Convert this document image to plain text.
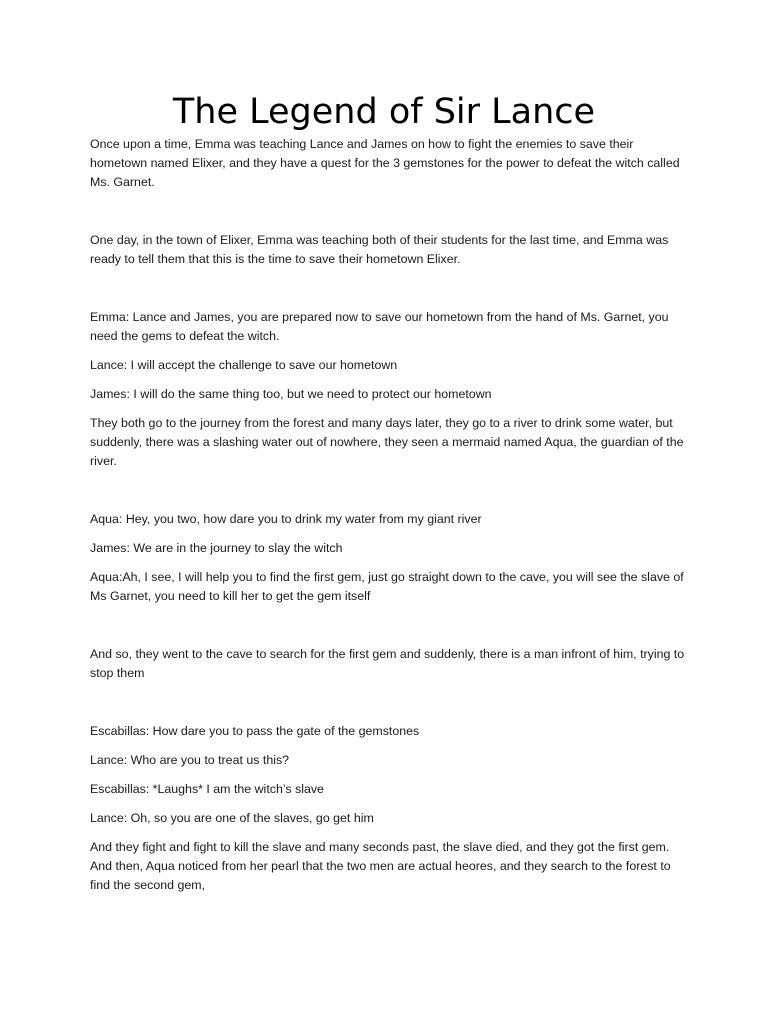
The Legend of Sir Lance

Once upon a time, Emma was teaching Lance and James on how to fight the enemies to save their hometown named Elixer, and they have a quest for the 3 gemstones for the power to defeat the witch called Ms. Garnet.

One day, in the town of Elixer, Emma was teaching both of their students for the last time, and Emma was ready to tell them that this is the time to save their hometown Elixer.

Emma: Lance and James, you are prepared now to save our hometown from the hand of Ms. Garnet, you need the gems to defeat the witch.

Lance: I will accept the challenge to save our hometown

James: I will do the same thing too, but we need to protect our hometown

They both go to the journey from the forest and many days later, they go to a river to drink some water, but suddenly, there was a slashing water out of nowhere, they seen a mermaid named Aqua, the guardian of the river.

Aqua: Hey, you two, how dare you to drink my water from my giant river

James: We are in the journey to slay the witch

Aqua:Ah, I see, I will help you to find the first gem, just go straight down to the cave, you will see the slave of Ms Garnet, you need to kill her to get the gem itself

And so, they went to the cave to search for the first gem and suddenly, there is a man infront of him, trying to stop them

Escabillas: How dare you to pass the gate of the gemstones

Lance: Who are you to treat us this?

Escabillas: *Laughs* I am the witch’s slave

Lance: Oh, so you are one of the slaves, go get him

And they fight and fight to kill the slave and many seconds past, the slave died, and they got the first gem. And then, Aqua noticed from her pearl that the two men are actual heores, and they search to the forest to find the second gem,
